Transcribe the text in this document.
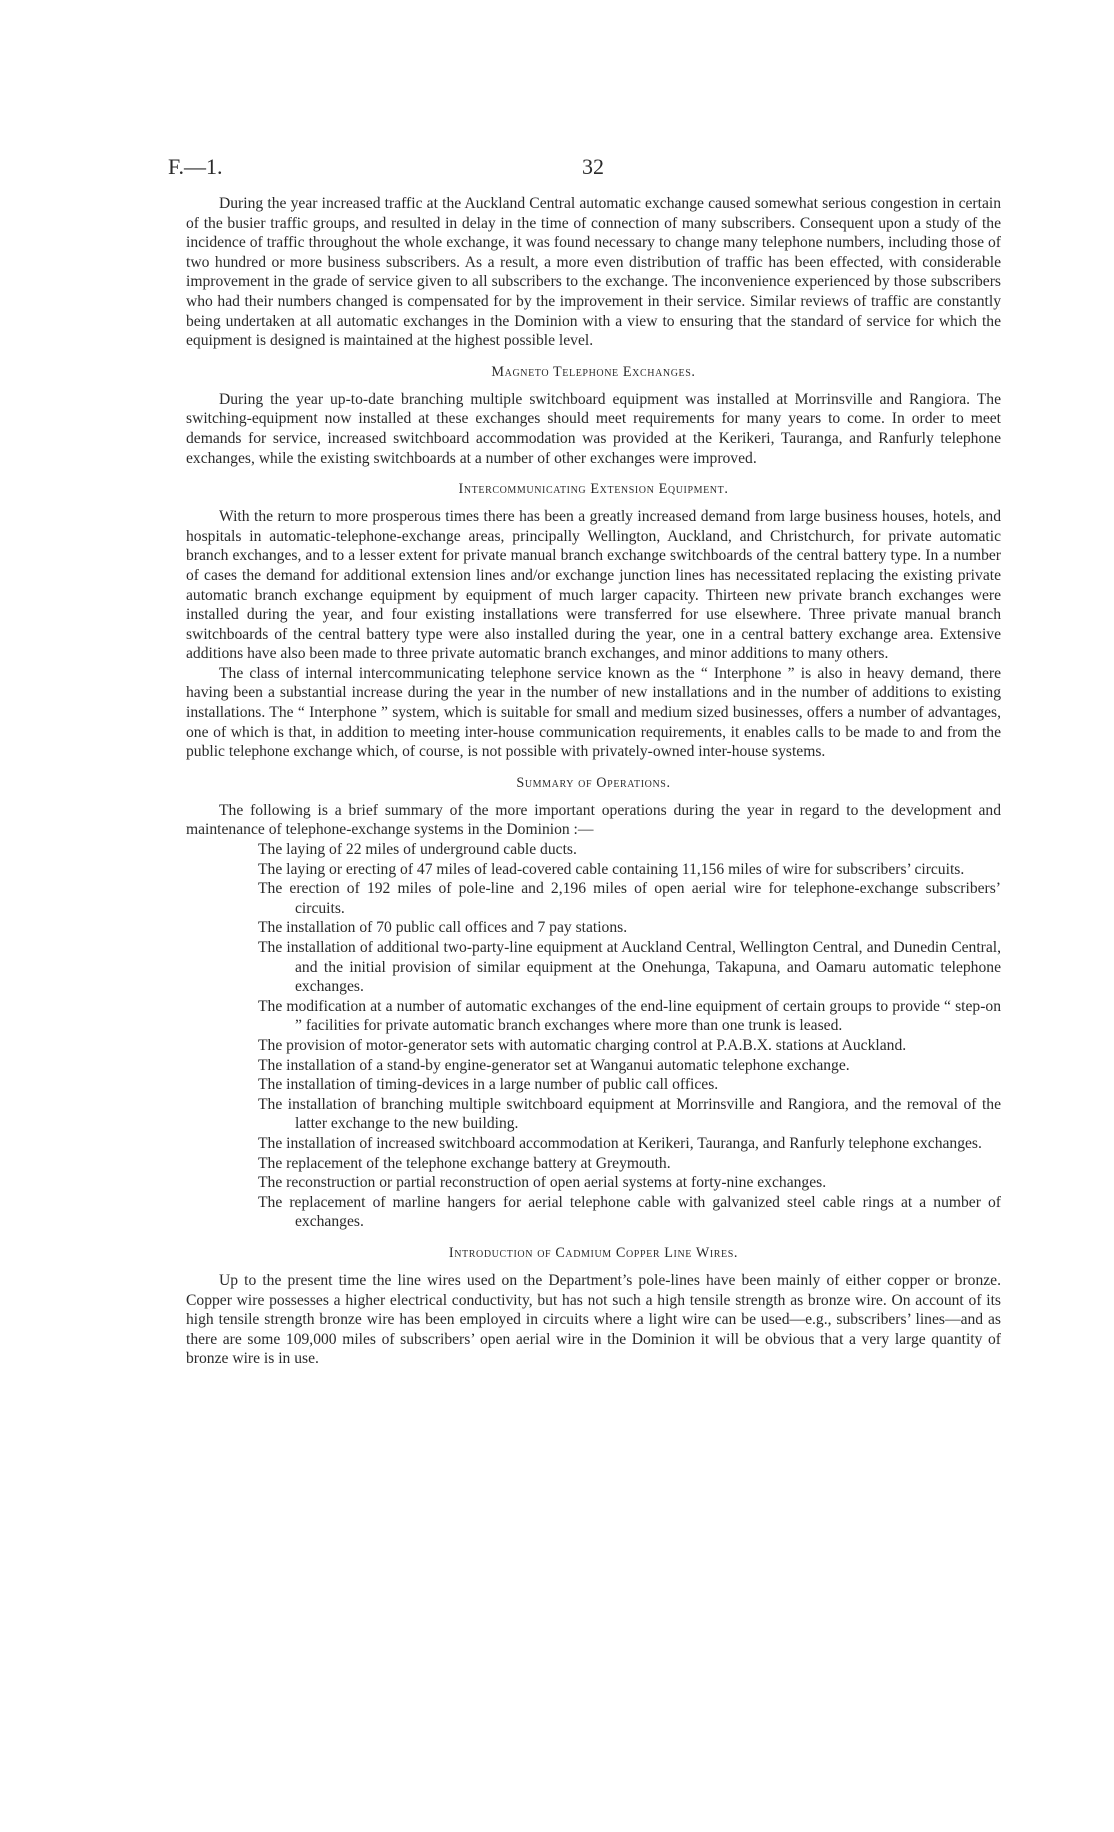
F.—1.	32

During the year increased traffic at the Auckland Central automatic exchange caused somewhat serious congestion in certain of the busier traffic groups, and resulted in delay in the time of connection of many subscribers. Consequent upon a study of the incidence of traffic throughout the whole exchange, it was found necessary to change many telephone numbers, including those of two hundred or more business subscribers. As a result, a more even distribution of traffic has been effected, with considerable improvement in the grade of service given to all subscribers to the exchange. The inconvenience experienced by those subscribers who had their numbers changed is compensated for by the improvement in their service. Similar reviews of traffic are constantly being undertaken at all automatic exchanges in the Dominion with a view to ensuring that the standard of service for which the equipment is designed is maintained at the highest possible level.

Magneto Telephone Exchanges.

During the year up-to-date branching multiple switchboard equipment was installed at Morrinsville and Rangiora. The switching-equipment now installed at these exchanges should meet requirements for many years to come. In order to meet demands for service, increased switchboard accommodation was provided at the Kerikeri, Tauranga, and Ranfurly telephone exchanges, while the existing switchboards at a number of other exchanges were improved.

Intercommunicating Extension Equipment.

With the return to more prosperous times there has been a greatly increased demand from large business houses, hotels, and hospitals in automatic-telephone-exchange areas, principally Wellington, Auckland, and Christchurch, for private automatic branch exchanges, and to a lesser extent for private manual branch exchange switchboards of the central battery type. In a number of cases the demand for additional extension lines and/or exchange junction lines has necessitated replacing the existing private automatic branch exchange equipment by equipment of much larger capacity. Thirteen new private branch exchanges were installed during the year, and four existing installations were transferred for use elsewhere. Three private manual branch switchboards of the central battery type were also installed during the year, one in a central battery exchange area. Extensive additions have also been made to three private automatic branch exchanges, and minor additions to many others.

The class of internal intercommunicating telephone service known as the “ Interphone ” is also in heavy demand, there having been a substantial increase during the year in the number of new installations and in the number of additions to existing installations. The “ Interphone ” system, which is suitable for small and medium sized businesses, offers a number of advantages, one of which is that, in addition to meeting inter-house communication requirements, it enables calls to be made to and from the public telephone exchange which, of course, is not possible with privately-owned inter-house systems.

Summary of Operations.

The following is a brief summary of the more important operations during the year in regard to the development and maintenance of telephone-exchange systems in the Dominion :—

The laying of 22 miles of underground cable ducts.
The laying or erecting of 47 miles of lead-covered cable containing 11,156 miles of wire for subscribers’ circuits.
The erection of 192 miles of pole-line and 2,196 miles of open aerial wire for telephone-exchange subscribers’ circuits.
The installation of 70 public call offices and 7 pay stations.
The installation of additional two-party-line equipment at Auckland Central, Wellington Central, and Dunedin Central, and the initial provision of similar equipment at the Onehunga, Takapuna, and Oamaru automatic telephone exchanges.
The modification at a number of automatic exchanges of the end-line equipment of certain groups to provide “ step-on ” facilities for private automatic branch exchanges where more than one trunk is leased.
The provision of motor-generator sets with automatic charging control at P.A.B.X. stations at Auckland.
The installation of a stand-by engine-generator set at Wanganui automatic telephone exchange.
The installation of timing-devices in a large number of public call offices.
The installation of branching multiple switchboard equipment at Morrinsville and Rangiora, and the removal of the latter exchange to the new building.
The installation of increased switchboard accommodation at Kerikeri, Tauranga, and Ranfurly telephone exchanges.
The replacement of the telephone exchange battery at Greymouth.
The reconstruction or partial reconstruction of open aerial systems at forty-nine exchanges.
The replacement of marline hangers for aerial telephone cable with galvanized steel cable rings at a number of exchanges.
Introduction of Cadmium Copper Line Wires.

Up to the present time the line wires used on the Department’s pole-lines have been mainly of either copper or bronze. Copper wire possesses a higher electrical conductivity, but has not such a high tensile strength as bronze wire. On account of its high tensile strength bronze wire has been employed in circuits where a light wire can be used—e.g., subscribers’ lines—and as there are some 109,000 miles of subscribers’ open aerial wire in the Dominion it will be obvious that a very large quantity of bronze wire is in use.
